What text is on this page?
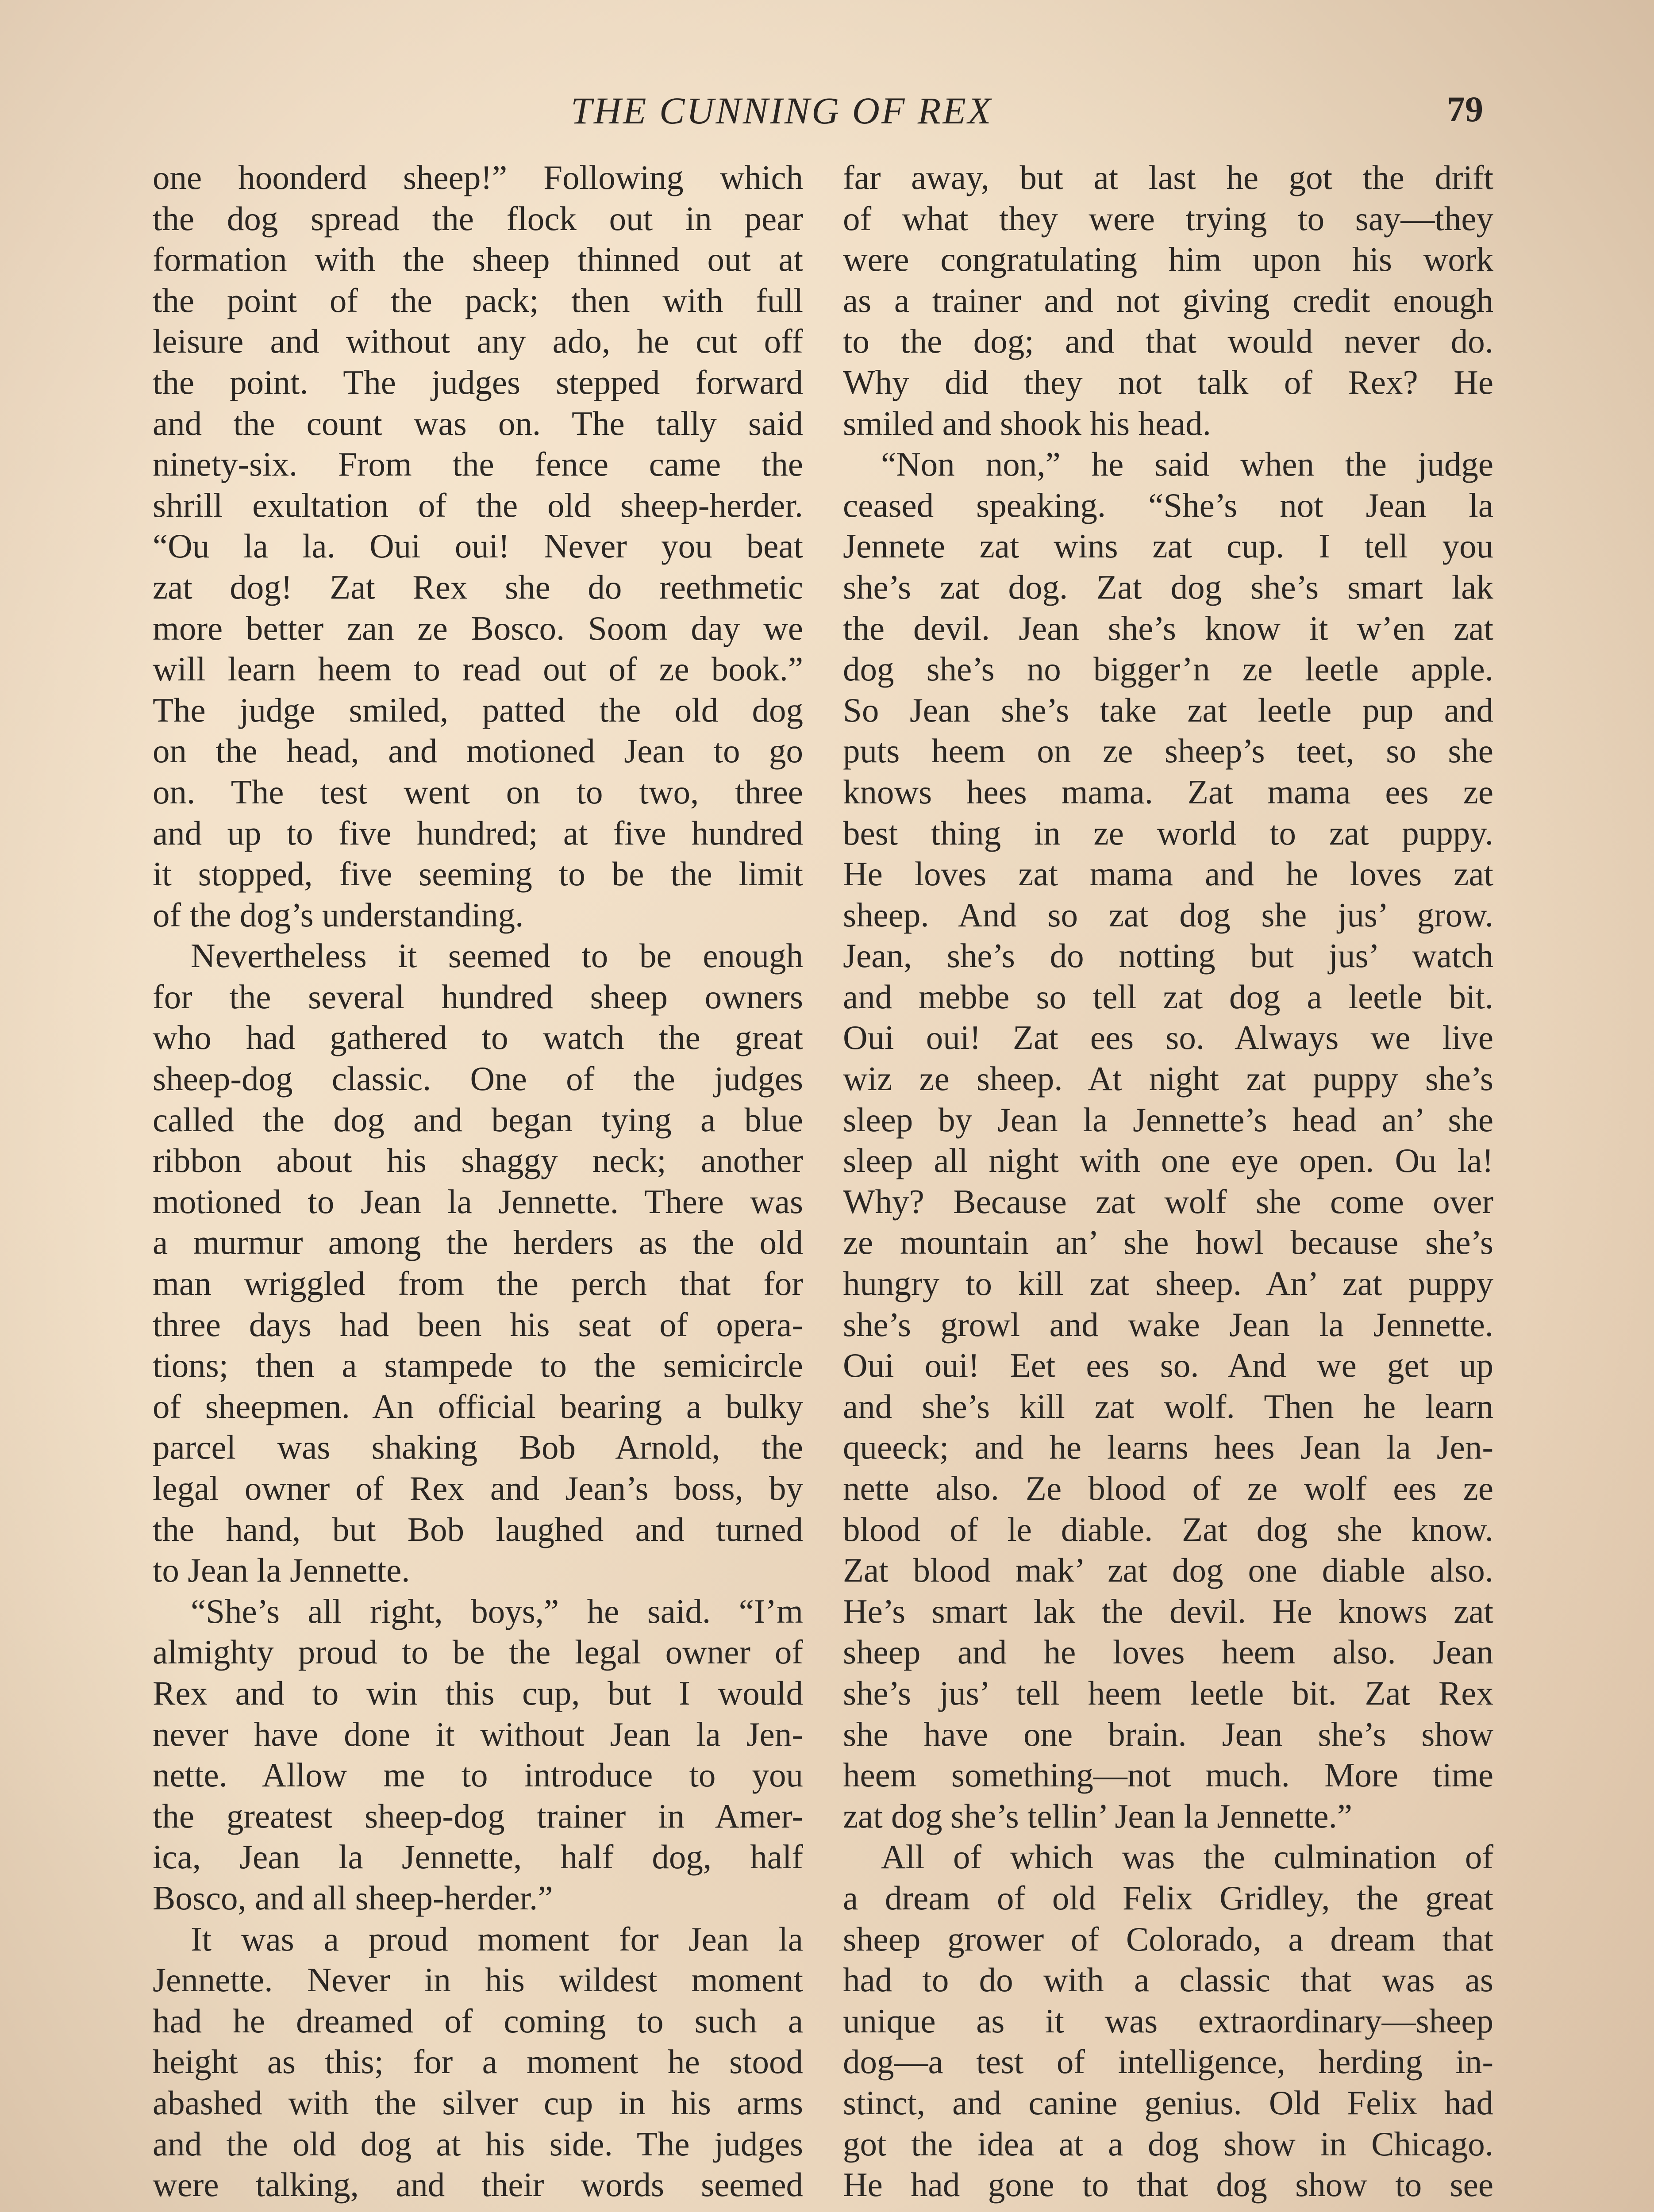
THE CUNNING OF REX	79
one hoonderd sheep!” Following which
the dog spread the flock out in pear
formation with the sheep thinned out at
the point of the pack; then with full
leisure and without any ado, he cut off
the point. The judges stepped forward
and the count was on. The tally said
ninety-six. From the fence came the
shrill exultation of the old sheep-herder.
“Ou la la. Oui oui! Never you beat
zat dog! Zat Rex she do reethmetic
more better zan ze Bosco. Soom day we
will learn heem to read out of ze book.”
The judge smiled, patted the old dog
on the head, and motioned Jean to go
on. The test went on to two, three
and up to five hundred; at five hundred
it stopped, five seeming to be the limit
of the dog’s understanding.
Nevertheless it seemed to be enough
for the several hundred sheep owners
who had gathered to watch the great
sheep-dog classic. One of the judges
called the dog and began tying a blue
ribbon about his shaggy neck; another
motioned to Jean la Jennette. There was
a murmur among the herders as the old
man wriggled from the perch that for
three days had been his seat of opera-
tions; then a stampede to the semicircle
of sheepmen. An official bearing a bulky
parcel was shaking Bob Arnold, the
legal owner of Rex and Jean’s boss, by
the hand, but Bob laughed and turned
to Jean la Jennette.
“She’s all right, boys,” he said. “I’m
almighty proud to be the legal owner of
Rex and to win this cup, but I would
never have done it without Jean la Jen-
nette. Allow me to introduce to you
the greatest sheep-dog trainer in Amer-
ica, Jean la Jennette, half dog, half
Bosco, and all sheep-herder.”
It was a proud moment for Jean la
Jennette. Never in his wildest moment
had he dreamed of coming to such a
height as this; for a moment he stood
abashed with the silver cup in his arms
and the old dog at his side. The judges
were talking, and their words seemed
far away, but at last he got the drift
of what they were trying to say—they
were congratulating him upon his work
as a trainer and not giving credit enough
to the dog; and that would never do.
Why did they not talk of Rex? He
smiled and shook his head.
“Non non,” he said when the judge
ceased speaking. “She’s not Jean la
Jennete zat wins zat cup. I tell you
she’s zat dog. Zat dog she’s smart lak
the devil. Jean she’s know it w’en zat
dog she’s no bigger’n ze leetle apple.
So Jean she’s take zat leetle pup and
puts heem on ze sheep’s teet, so she
knows hees mama. Zat mama ees ze
best thing in ze world to zat puppy.
He loves zat mama and he loves zat
sheep. And so zat dog she jus’ grow.
Jean, she’s do notting but jus’ watch
and mebbe so tell zat dog a leetle bit.
Oui oui! Zat ees so. Always we live
wiz ze sheep. At night zat puppy she’s
sleep by Jean la Jennette’s head an’ she
sleep all night with one eye open. Ou la!
Why? Because zat wolf she come over
ze mountain an’ she howl because she’s
hungry to kill zat sheep. An’ zat puppy
she’s growl and wake Jean la Jennette.
Oui oui! Eet ees so. And we get up
and she’s kill zat wolf. Then he learn
queeck; and he learns hees Jean la Jen-
nette also. Ze blood of ze wolf ees ze
blood of le diable. Zat dog she know.
Zat blood mak’ zat dog one diable also.
He’s smart lak the devil. He knows zat
sheep and he loves heem also. Jean
she’s jus’ tell heem leetle bit. Zat Rex
she have one brain. Jean she’s show
heem something—not much. More time
zat dog she’s tellin’ Jean la Jennette.”
All of which was the culmination of
a dream of old Felix Gridley, the great
sheep grower of Colorado, a dream that
had to do with a classic that was as
unique as it was extraordinary—sheep
dog—a test of intelligence, herding in-
stinct, and canine genius. Old Felix had
got the idea at a dog show in Chicago.
He had gone to that dog show to see
